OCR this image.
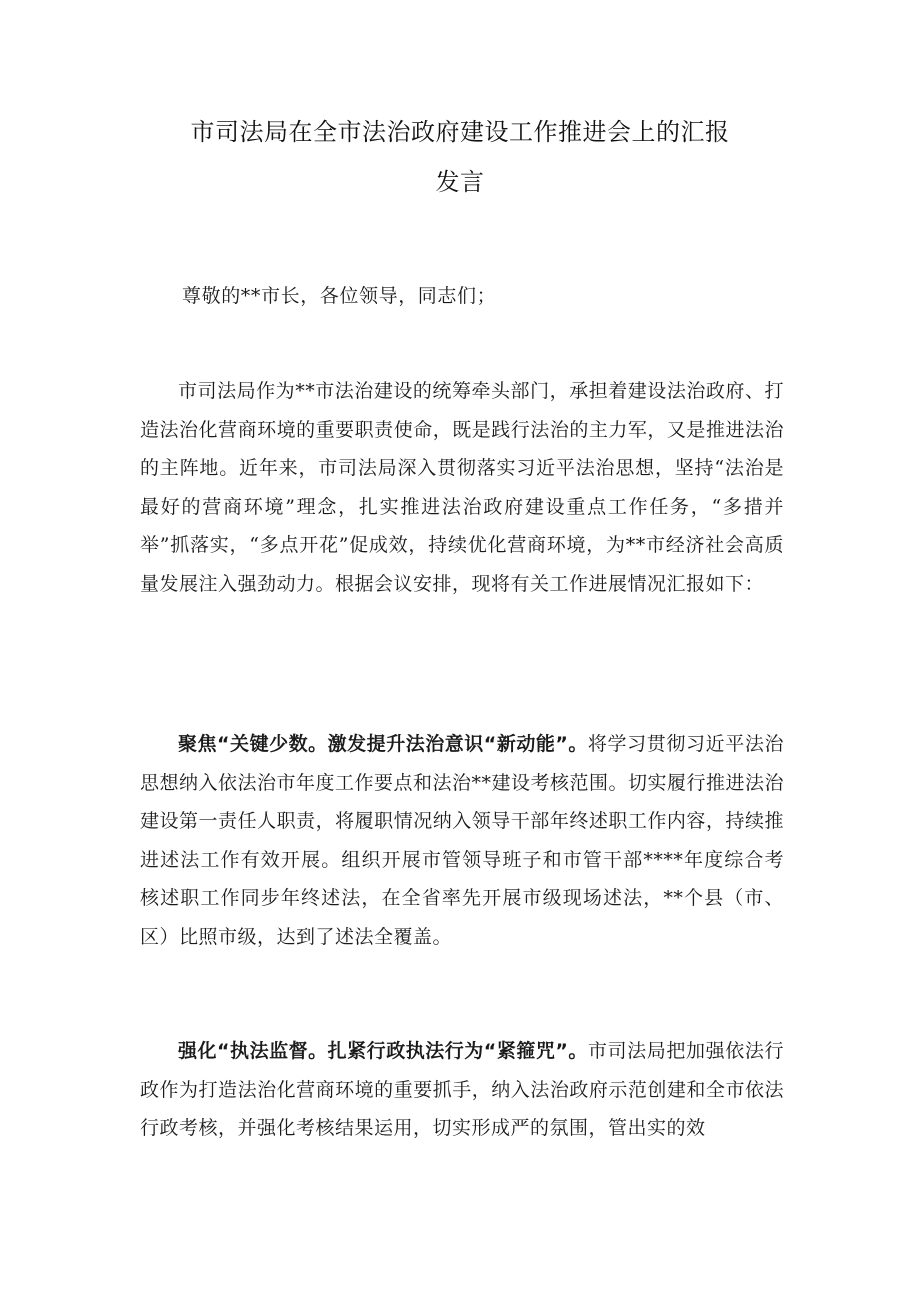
市司法局在全市法治政府建设工作推进会上的汇报
发言
尊敬的**市长，各位领导，同志们；

市司法局作为**市法治建设的统筹牵头部门，承担着建设法治政府、打造法治化营商环境的重要职责使命，既是践行法治的主力军，又是推进法治的主阵地。近年来，市司法局深入贯彻落实习近平法治思想，坚持“法治是最好的营商环境”理念，扎实推进法治政府建设重点工作任务，“多措并举”抓落实，“多点开花”促成效，持续优化营商环境，为**市经济社会高质量发展注入强劲动力。根据会议安排，现将有关工作进展情况汇报如下：

聚焦“关键少数。激发提升法治意识“新动能”。将学习贯彻习近平法治思想纳入依法治市年度工作要点和法治**建设考核范围。切实履行推进法治建设第一责任人职责，将履职情况纳入领导干部年终述职工作内容，持续推进述法工作有效开展。组织开展市管领导班子和市管干部****年度综合考核述职工作同步年终述法，在全省率先开展市级现场述法，**个县（市、区）比照市级，达到了述法全覆盖。

强化“执法监督。扎紧行政执法行为“紧箍咒”。市司法局把加强依法行政作为打造法治化营商环境的重要抓手，纳入法治政府示范创建和全市依法行政考核，并强化考核结果运用，切实形成严的氛围，管出实的效
